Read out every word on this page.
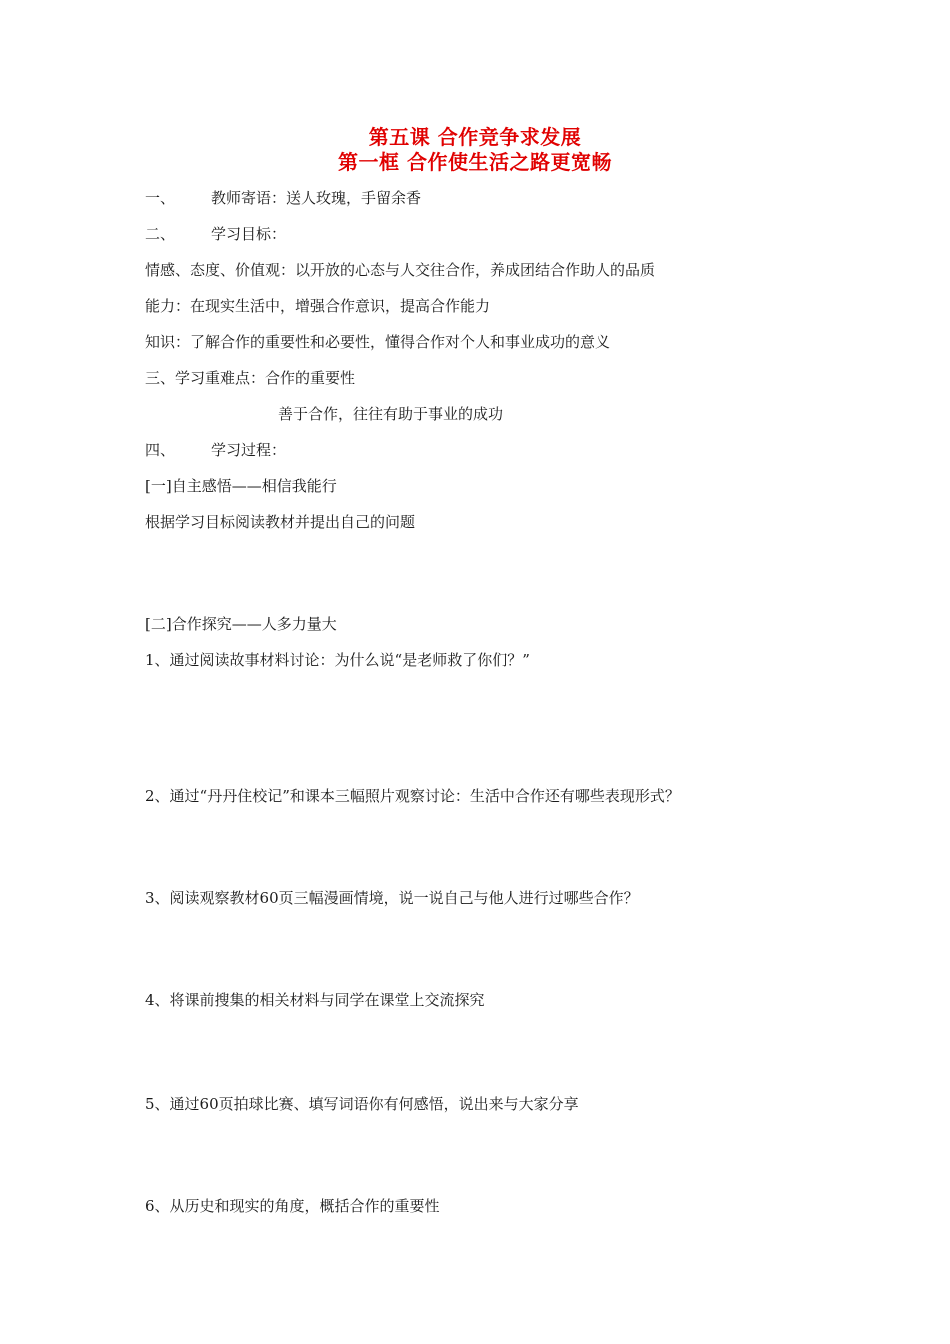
第五课 合作竞争求发展
第一框 合作使生活之路更宽畅
一、 教师寄语：送人玫瑰，手留余香
二、 学习目标：
情感、态度、价值观：以开放的心态与人交往合作，养成团结合作助人的品质
能力：在现实生活中，增强合作意识，提高合作能力
知识：了解合作的重要性和必要性，懂得合作对个人和事业成功的意义
三、学习重难点：合作的重要性
善于合作，往往有助于事业的成功
四、 学习过程：
[一]自主感悟——相信我能行
根据学习目标阅读教材并提出自己的问题
[二]合作探究——人多力量大
1、通过阅读故事材料讨论：为什么说“是老师救了你们？”
2、通过“丹丹住校记”和课本三幅照片观察讨论：生活中合作还有哪些表现形式？
3、阅读观察教材60页三幅漫画情境，说一说自己与他人进行过哪些合作？
4、将课前搜集的相关材料与同学在课堂上交流探究
5、通过60页拍球比赛、填写词语你有何感悟，说出来与大家分享
6、从历史和现实的角度，概括合作的重要性
